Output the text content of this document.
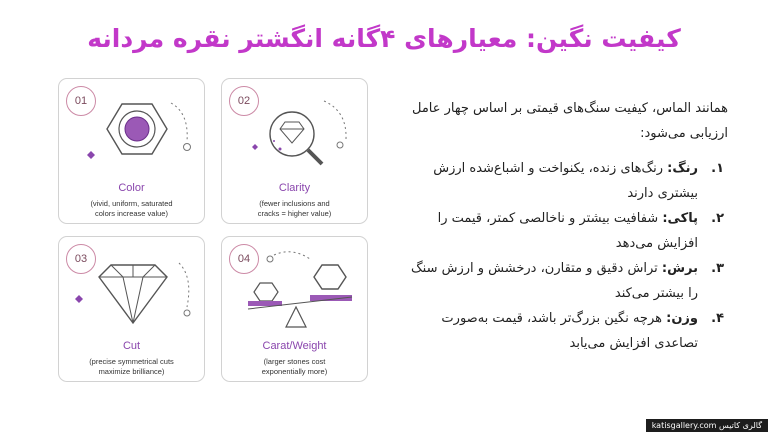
کیفیت نگین: معیارهای ۴گانه انگشتر نقره مردانه
01
Color
(vivid, uniform, saturated
colors increase value)
02
Clarity
(fewer inclusions and
cracks = higher value)
03
Cut
(precise symmetrical cuts
maximize brilliance)
04
Carat/Weight
(larger stones cost
exponentially more)

همانند الماس، کیفیت سنگ‌های قیمتی بر اساس چهار عامل ارزیابی می‌شود:

۱.
رنگ: رنگ‌های زنده، یکنواخت و اشباع‌شده ارزش بیشتری دارند
۲.
پاکی: شفافیت بیشتر و ناخالصی کمتر، قیمت را افزایش می‌دهد
۳.
برش: تراش دقیق و متقارن، درخشش و ارزش سنگ را بیشتر می‌کند
۴.
وزن: هرچه نگین بزرگ‌تر باشد، قیمت به‌صورت تصاعدی افزایش می‌یابد
گالری کاتیس katisgallery.com
